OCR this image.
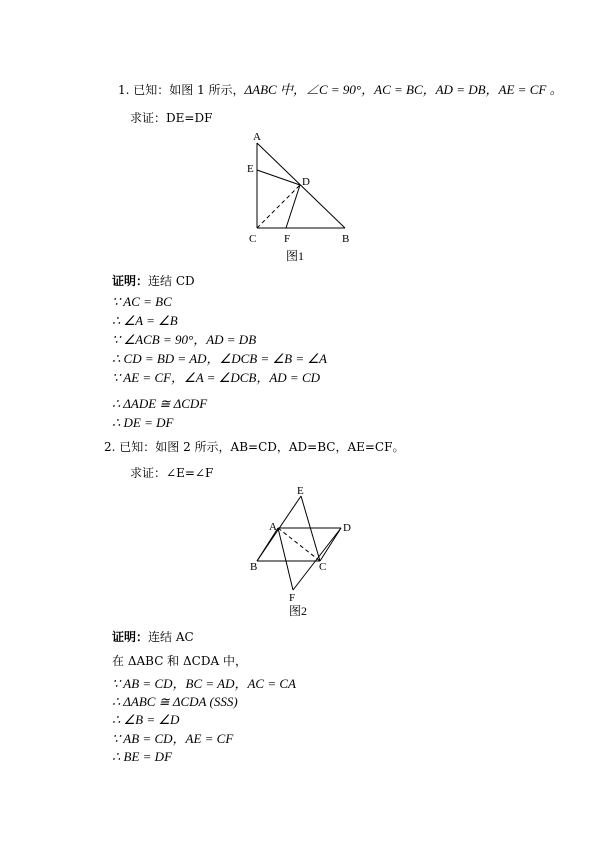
1. 已知：如图 1 所示，ΔABC 中，∠C = 90°，AC = BC，AD = DB，AE = CF 。
求证：DE=DF
A
E
D
C	F	B
图1
证明：连结 CD
∵ AC = BC
∴ ∠A = ∠B
∵ ∠ACB = 90°，AD = DB
∴ CD = BD = AD，∠DCB = ∠B = ∠A
∵ AE = CF，∠A = ∠DCB，AD = CD
∴ ΔADE ≅ ΔCDF
∴ DE = DF
2. 已知：如图 2 所示，AB=CD，AD=BC，AE=CF。
求证：∠E=∠F
E
A	D
B	C
F
图2
证明：连结 AC
在 ΔABC 和 ΔCDA 中，
∵ AB = CD，BC = AD，AC = CA
∴ ΔABC ≅ ΔCDA (SSS)
∴ ∠B = ∠D
∵ AB = CD，AE = CF
∴ BE = DF
